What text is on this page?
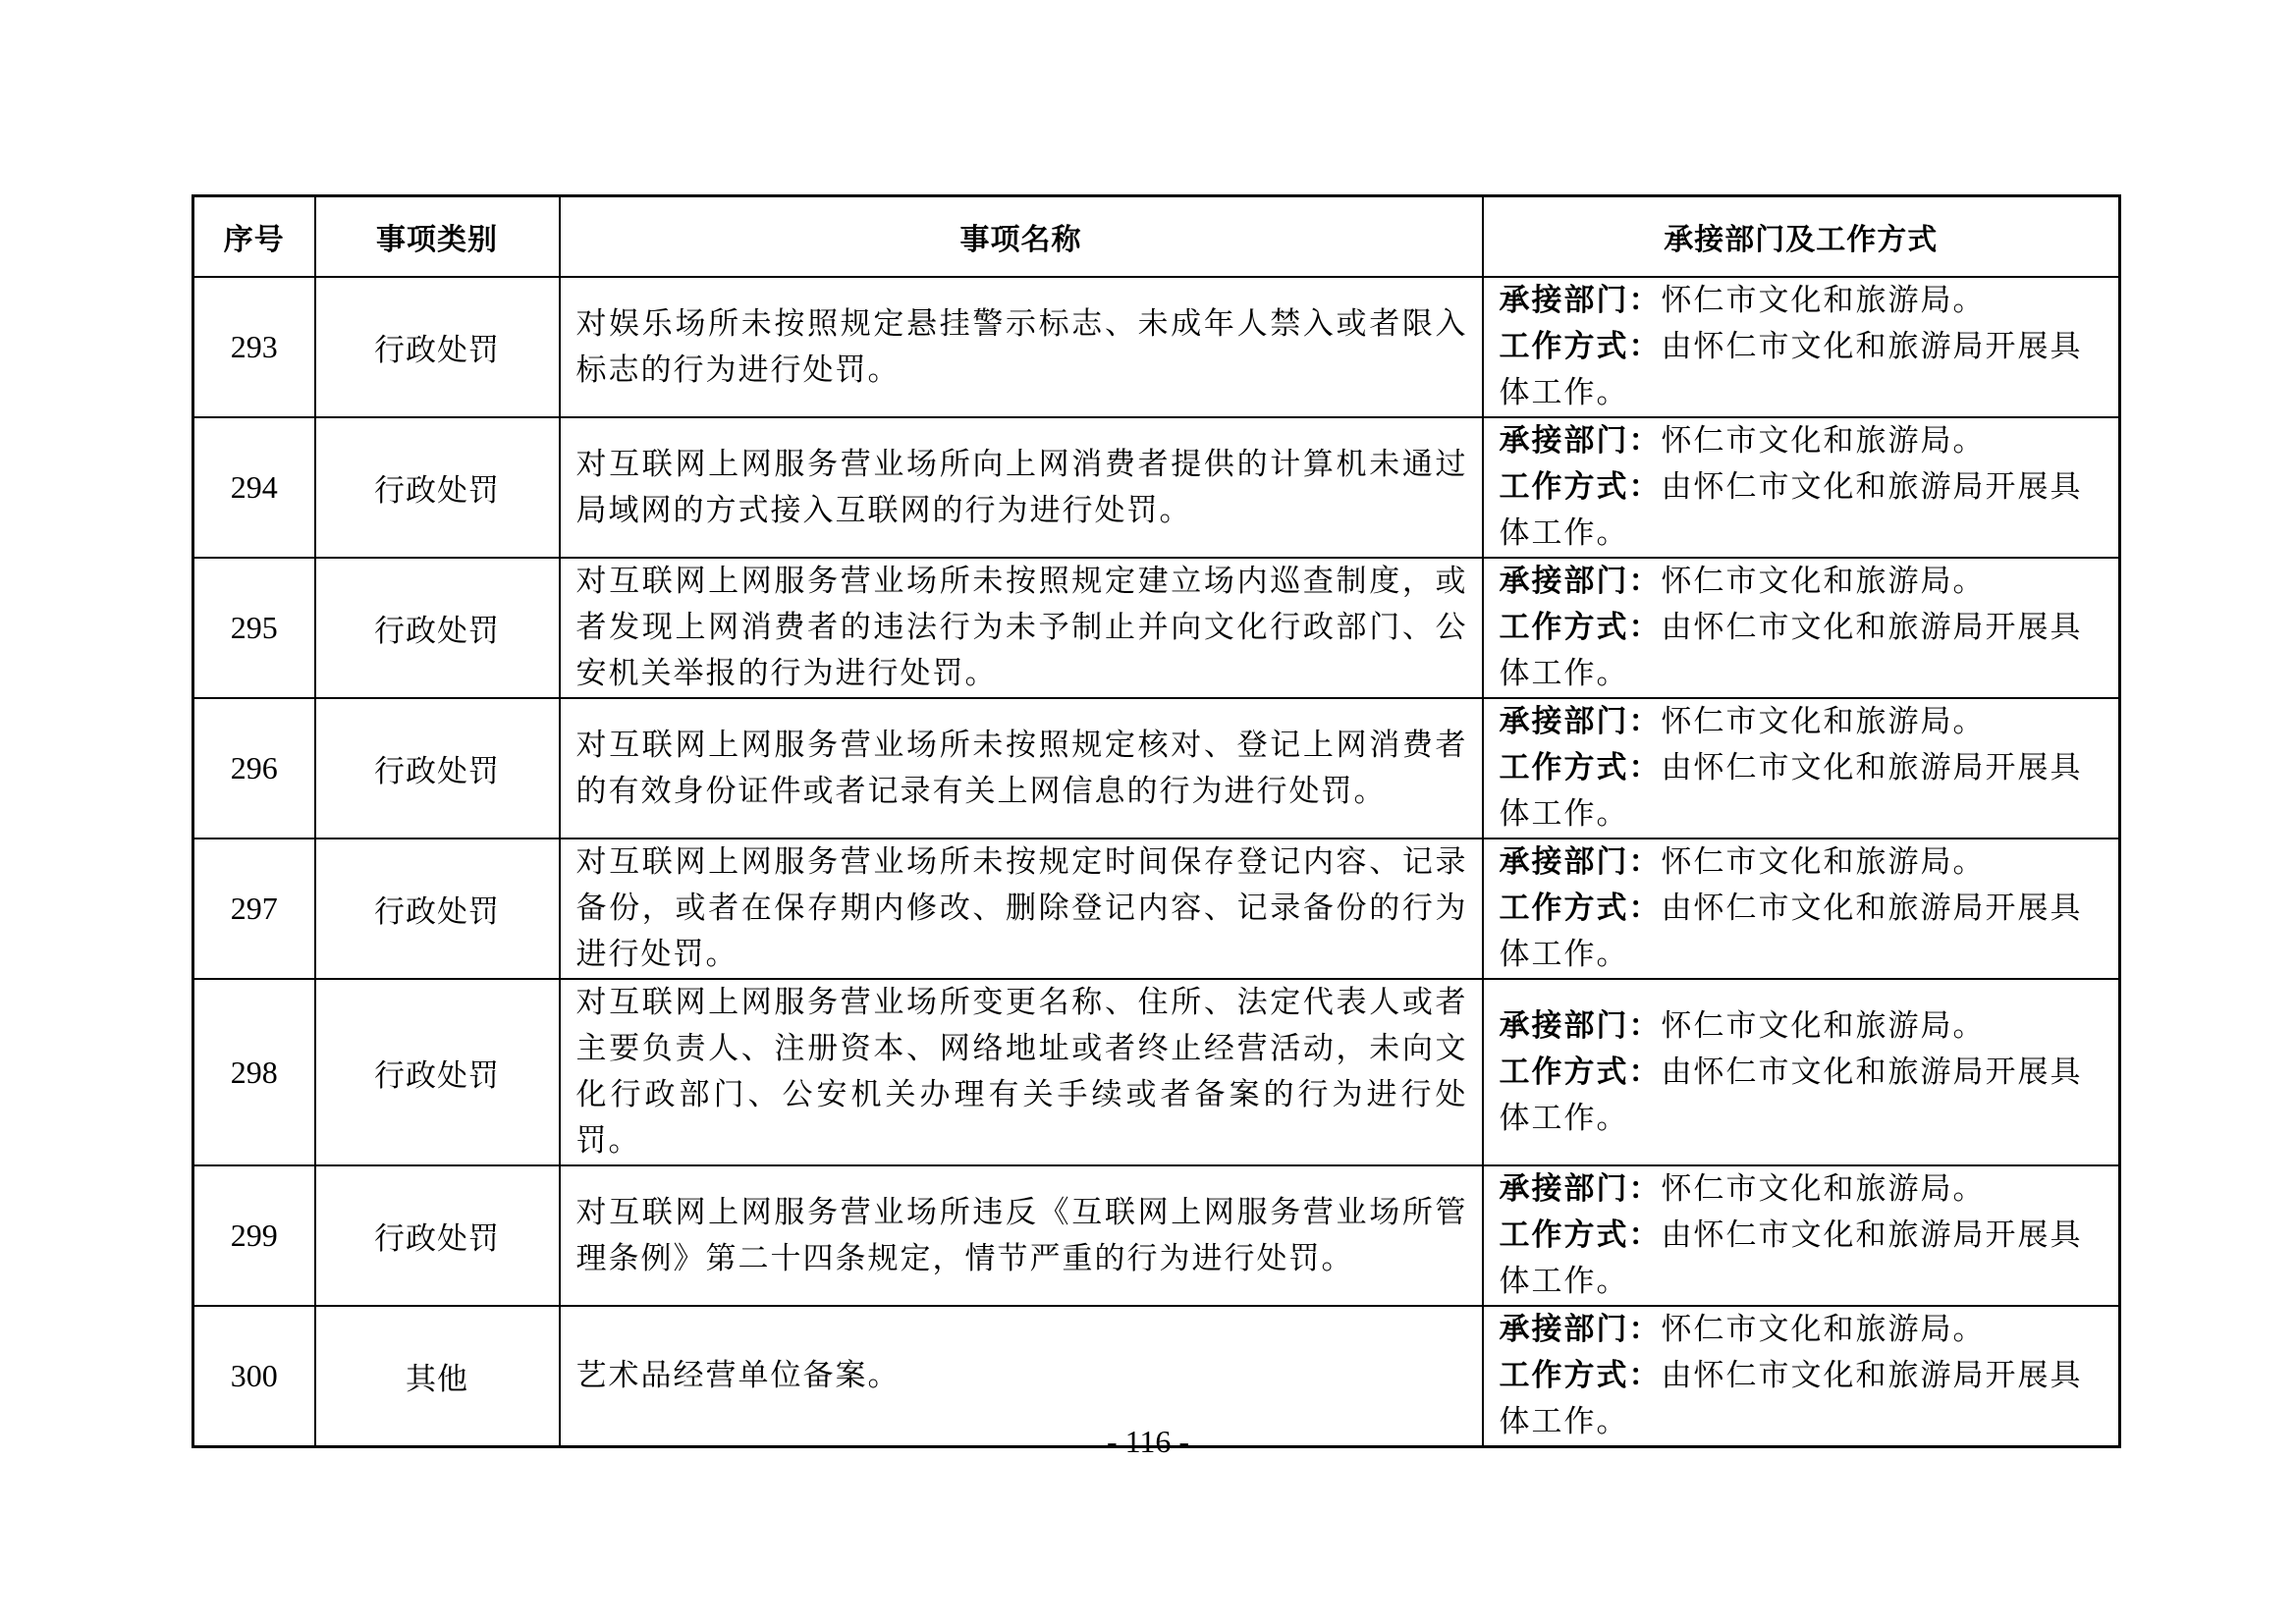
序号	事项类别	事项名称	承接部门及工作方式
293	行政处罚	对娱乐场所未按照规定悬挂警示标志、未成年人禁入或者限入标志的行为进行处罚。	承接部门：怀仁市文化和旅游局。
工作方式：由怀仁市文化和旅游局开展具体工作。

294	行政处罚	对互联网上网服务营业场所向上网消费者提供的计算机未通过局域网的方式接入互联网的行为进行处罚。	承接部门：怀仁市文化和旅游局。
工作方式：由怀仁市文化和旅游局开展具体工作。

295	行政处罚	对互联网上网服务营业场所未按照规定建立场内巡查制度，或者发现上网消费者的违法行为未予制止并向文化行政部门、公安机关举报的行为进行处罚。	承接部门：怀仁市文化和旅游局。
工作方式：由怀仁市文化和旅游局开展具体工作。

296	行政处罚	对互联网上网服务营业场所未按照规定核对、登记上网消费者的有效身份证件或者记录有关上网信息的行为进行处罚。	承接部门：怀仁市文化和旅游局。
工作方式：由怀仁市文化和旅游局开展具体工作。

297	行政处罚	对互联网上网服务营业场所未按规定时间保存登记内容、记录备份，或者在保存期内修改、删除登记内容、记录备份的行为进行处罚。	承接部门：怀仁市文化和旅游局。
工作方式：由怀仁市文化和旅游局开展具体工作。

298	行政处罚	对互联网上网服务营业场所变更名称、住所、法定代表人或者主要负责人、注册资本、网络地址或者终止经营活动，未向文化行政部门、公安机关办理有关手续或者备案的行为进行处罚。	承接部门：怀仁市文化和旅游局。
工作方式：由怀仁市文化和旅游局开展具体工作。

299	行政处罚	对互联网上网服务营业场所违反《互联网上网服务营业场所管理条例》第二十四条规定，情节严重的行为进行处罚。	承接部门：怀仁市文化和旅游局。
工作方式：由怀仁市文化和旅游局开展具体工作。

300	其他	艺术品经营单位备案。	承接部门：怀仁市文化和旅游局。
工作方式：由怀仁市文化和旅游局开展具体工作。
- 116 -
